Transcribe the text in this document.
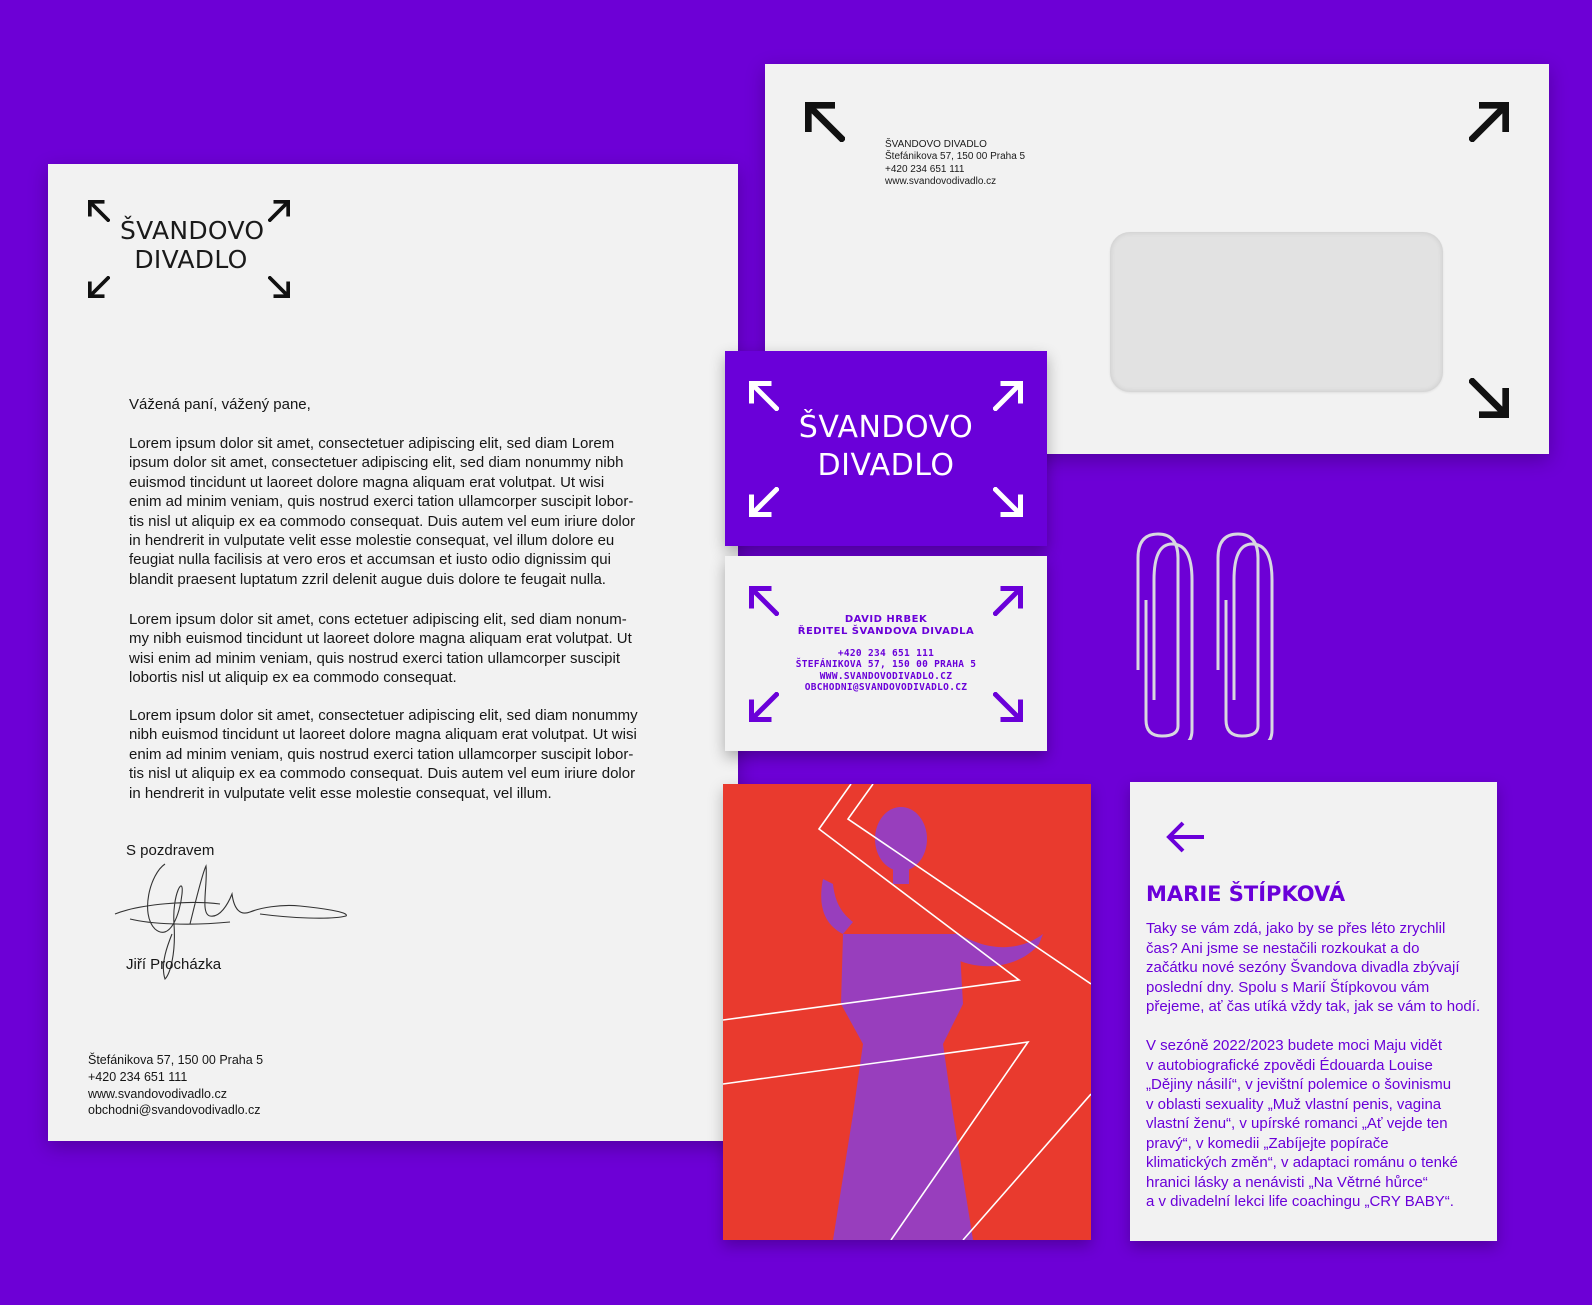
ŠVANDOVO
DIVADLO
Vážená paní, vážený pane,
Lorem ipsum dolor sit amet, consectetuer adipiscing elit, sed diam Lorem
ipsum dolor sit amet, consectetuer adipiscing elit, sed diam nonummy nibh
euismod tincidunt ut laoreet dolore magna aliquam erat volutpat. Ut wisi
enim ad minim veniam, quis nostrud exerci tation ullamcorper suscipit lobor-
tis nisl ut aliquip ex ea commodo consequat. Duis autem vel eum iriure dolor
in hendrerit in vulputate velit esse molestie consequat, vel illum dolore eu
feugiat nulla facilisis at vero eros et accumsan et iusto odio dignissim qui
blandit praesent luptatum zzril delenit augue duis dolore te feugait nulla.
Lorem ipsum dolor sit amet, cons ectetuer adipiscing elit, sed diam nonum-
my nibh euismod tincidunt ut laoreet dolore magna aliquam erat volutpat. Ut
wisi enim ad minim veniam, quis nostrud exerci tation ullamcorper suscipit
lobortis nisl ut aliquip ex ea commodo consequat.
Lorem ipsum dolor sit amet, consectetuer adipiscing elit, sed diam nonummy
nibh euismod tincidunt ut laoreet dolore magna aliquam erat volutpat. Ut wisi
enim ad minim veniam, quis nostrud exerci tation ullamcorper suscipit lobor-
tis nisl ut aliquip ex ea commodo consequat. Duis autem vel eum iriure dolor
in hendrerit in vulputate velit esse molestie consequat, vel illum.
S pozdravem
Jiří Procházka
Štefánikova 57, 150 00 Praha 5
+420 234 651 111
www.svandovodivadlo.cz
obchodni@svandovodivadlo.cz
ŠVANDOVO DIVADLO
Štefánikova 57, 150 00 Praha 5
+420 234 651 111
www.svandovodivadlo.cz
ŠVANDOVO
DIVADLO
DAVID HRBEK
ŘEDITEL ŠVANDOVA DIVADLA
+420 234 651 111
ŠTEFÁNIKOVA 57, 150 00 PRAHA 5
WWW.SVANDOVODIVADLO.CZ
OBCHODNI@SVANDOVODIVADLO.CZ
MARIE ŠTÍPKOVÁ
Taky se vám zdá, jako by se přes léto zrychlil
čas? Ani jsme se nestačili rozkoukat a do
začátku nové sezóny Švandova divadla zbývají
poslední dny. Spolu s Marií Štípkovou vám
přejeme, ať čas utíká vždy tak, jak se vám to hodí.
V sezóně 2022/2023 budete moci Maju vidět
v autobiografické zpovědi Édouarda Louise
„Dějiny násilí“, v jevištní polemice o šovinismu
v oblasti sexuality „Muž vlastní penis, vagina
vlastní ženu“, v upírské romanci „Ať vejde ten
pravý“, v komedii „Zabíjejte popírače
klimatických změn“, v adaptaci románu o tenké
hranici lásky a nenávisti „Na Větrné hůrce“
a v divadelní lekci life coachingu „CRY BABY“.
